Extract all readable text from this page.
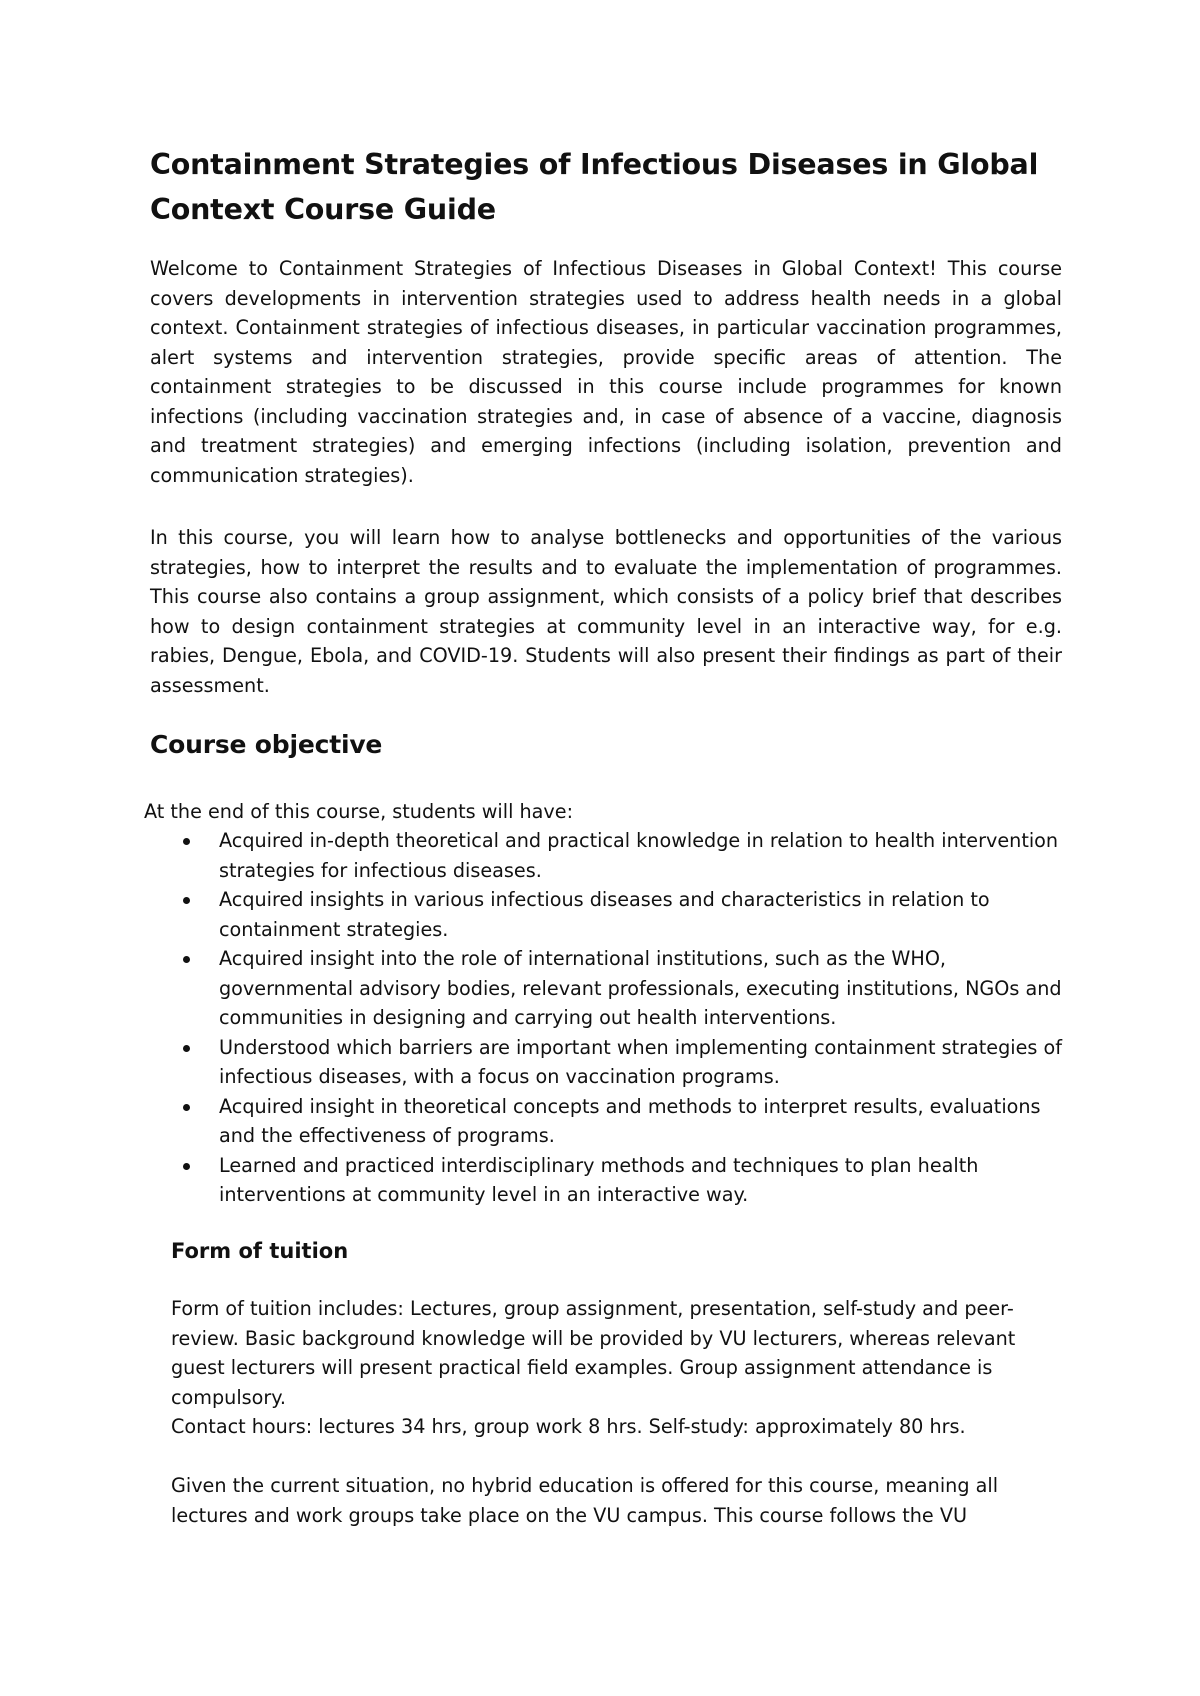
Containment Strategies of Infectious Diseases in Global Context Course Guide

Welcome to Containment Strategies of Infectious Diseases in Global Context! This course covers developments in intervention strategies used to address health needs in a global context. Containment strategies of infectious diseases, in particular vaccination programmes, alert systems and intervention strategies, provide specific areas of attention. The containment strategies to be discussed in this course include programmes for known infections (including vaccination strategies and, in case of absence of a vaccine, diagnosis and treatment strategies) and emerging infections (including isolation, prevention and communication strategies).

In this course, you will learn how to analyse bottlenecks and opportunities of the various strategies, how to interpret the results and to evaluate the implementation of programmes. This course also contains a group assignment, which consists of a policy brief that describes how to design containment strategies at community level in an interactive way, for e.g. rabies, Dengue, Ebola, and COVID-19. Students will also present their findings as part of their assessment.

Course objective

At the end of this course, students will have:

Acquired in-depth theoretical and practical knowledge in relation to health intervention strategies for infectious diseases.
Acquired insights in various infectious diseases and characteristics in relation to containment strategies.
Acquired insight into the role of international institutions, such as the WHO, governmental advisory bodies, relevant professionals, executing institutions, NGOs and communities in designing and carrying out health interventions.
Understood which barriers are important when implementing containment strategies of infectious diseases, with a focus on vaccination programs.
Acquired insight in theoretical concepts and methods to interpret results, evaluations and the effectiveness of programs.
Learned and practiced interdisciplinary methods and techniques to plan health interventions at community level in an interactive way.
Form of tuition

Form of tuition includes: Lectures, group assignment, presentation, self-study and peer-review. Basic background knowledge will be provided by VU lecturers, whereas relevant guest lecturers will present practical field examples. Group assignment attendance is compulsory.

Contact hours: lectures 34 hrs, group work 8 hrs. Self-study: approximately 80 hrs.

Given the current situation, no hybrid education is offered for this course, meaning all lectures and work groups take place on the VU campus. This course follows the VU
